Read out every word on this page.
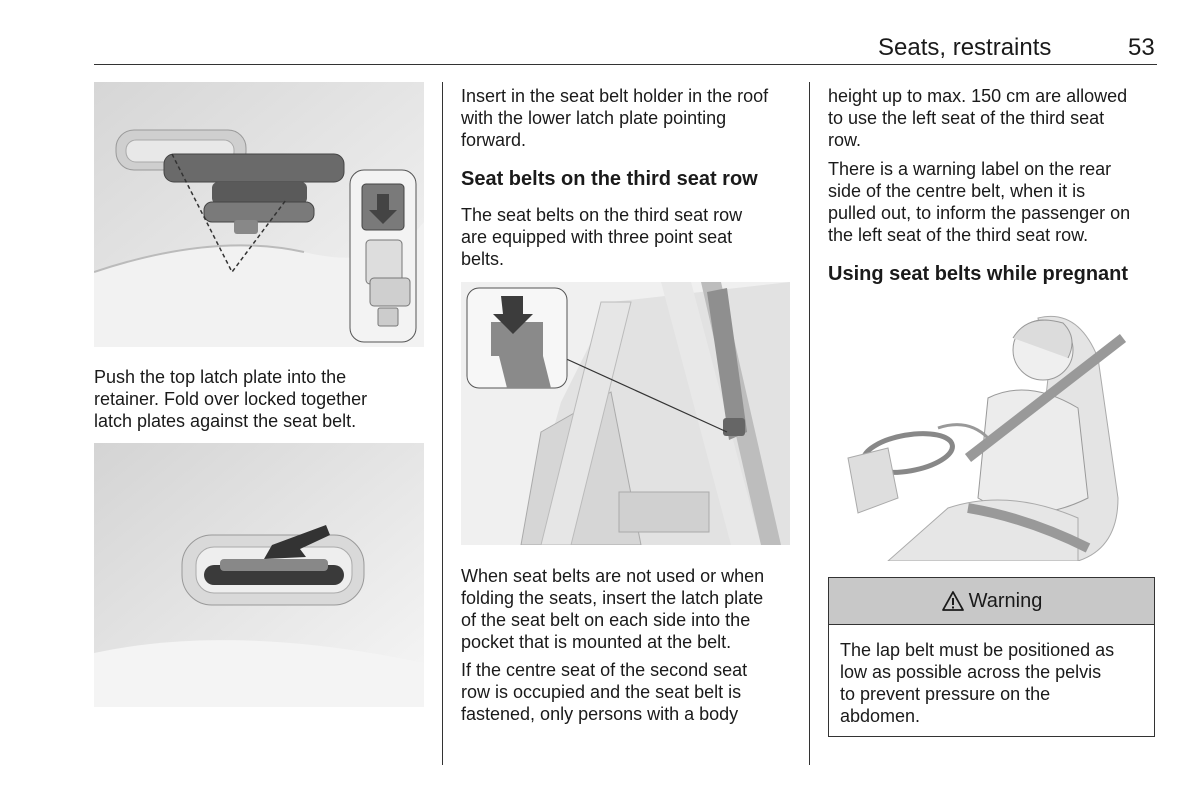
Seats, restraints	53

Push the top latch plate into the
retainer. Fold over locked together
latch plates against the seat belt.

Insert in the seat belt holder in the roof
with the lower latch plate pointing
forward.

Seat belts on the third seat row

The seat belts on the third seat row
are equipped with three point seat
belts.

When seat belts are not used or when
folding the seats, insert the latch plate
of the seat belt on each side into the
pocket that is mounted at the belt.

If the centre seat of the second seat
row is occupied and the seat belt is
fastened, only persons with a body

height up to max. 150 cm are allowed
to use the left seat of the third seat
row.

There is a warning label on the rear
side of the centre belt, when it is
pulled out, to inform the passenger on
the left seat of the third seat row.

Using seat belts while pregnant
Warning

The lap belt must be positioned as
low as possible across the pelvis
to prevent pressure on the
abdomen.
